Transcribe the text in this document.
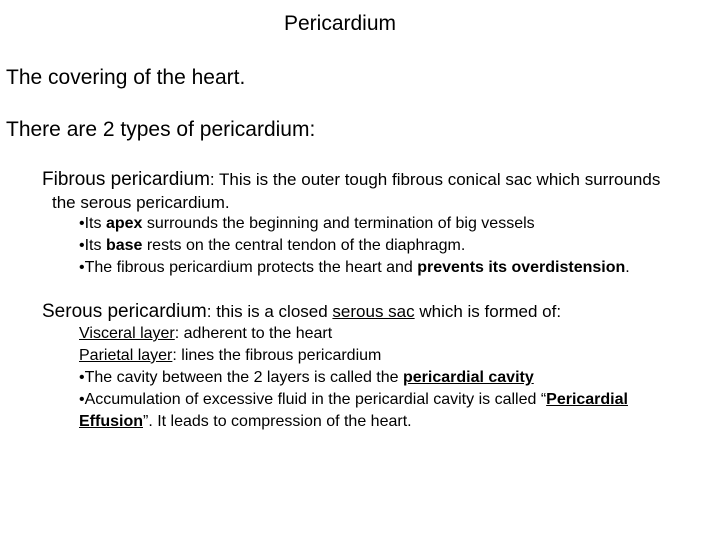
Pericardium
The covering of the heart.
There are 2 types of pericardium:
Fibrous pericardium: This is the outer tough fibrous conical sac which surrounds
the serous pericardium.
•Its apex surrounds the beginning and termination of big vessels
•Its base rests on the central tendon of the diaphragm.
•The fibrous pericardium protects the heart and prevents its overdistension.
Serous pericardium: this is a closed serous sac which is formed of:
Visceral layer: adherent to the heart
Parietal layer: lines the fibrous pericardium
•The cavity between the 2 layers is called the pericardial cavity
•Accumulation of excessive fluid in the pericardial cavity is called “Pericardial
Effusion”. It leads to compression of the heart.
